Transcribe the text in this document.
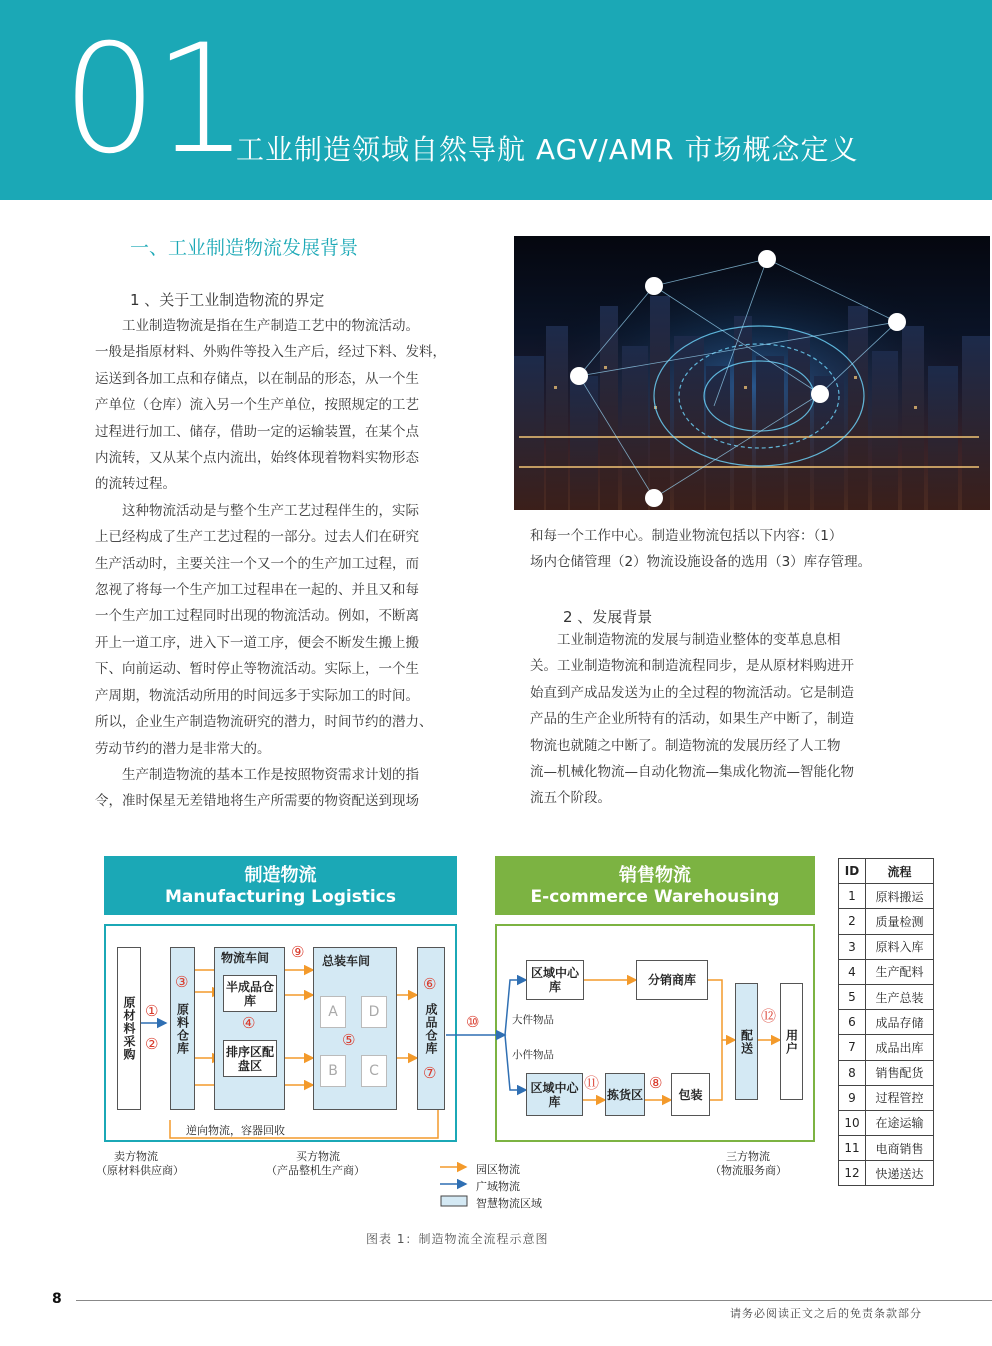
01
工业制造领域自然导航 AGV/AMR 市场概念定义
一、工业制造物流发展背景
1 、关于工业制造物流的界定

　　工业制造物流是指在生产制造工艺中的物流活动。

一般是指原材料、外购件等投入生产后，经过下料、发料，

运送到各加工点和存储点，以在制品的形态，从一个生

产单位（仓库）流入另一个生产单位，按照规定的工艺

过程进行加工、储存，借助一定的运输装置，在某个点

内流转，又从某个点内流出，始终体现着物料实物形态

的流转过程。

　　这种物流活动是与整个生产工艺过程伴生的，实际

上已经构成了生产工艺过程的一部分。过去人们在研究

生产活动时，主要关注一个又一个的生产加工过程，而

忽视了将每一个生产加工过程串在一起的、并且又和每

一个生产加工过程同时出现的物流活动。例如，不断离

开上一道工序，进入下一道工序，便会不断发生搬上搬

下、向前运动、暂时停止等物流活动。实际上，一个生

产周期，物流活动所用的时间远多于实际加工的时间。

所以，企业生产制造物流研究的潜力，时间节约的潜力、

劳动节约的潜力是非常大的。

　　生产制造物流的基本工作是按照物资需求计划的指

令，准时保星无差错地将生产所需要的物资配送到现场

和每一个工作中心。制造业物流包括以下内容：（1）

场内仓储管理（2）物流设施设备的选用（3）库存管理。

2 、发展背景

　　工业制造物流的发展与制造业整体的变革息息相

关。工业制造物流和制造流程同步，是从原材料购进开

始直到产成品发送为止的全过程的物流活动。它是制造

产品的生产企业所特有的活动，如果生产中断了，制造

物流也就随之中断了。制造物流的发展历经了人工物

流—机械化物流—自动化物流—集成化物流—智能化物

流五个阶段。

制造物流
Manufacturing Logistics
销售物流
E-commerce Warehousing
原材料采购	原料仓库
物流车间
半成品仓库
排序区配盘区
总装车间
A	D
B	C
成品仓库
区域中心库	分销商库
区域中心库	拣货区	包装
配送	用户
大件物品
小件物品
逆向物流，容器回收
①
②
③
④
⑤
⑥
⑦
⑧
⑨
⑩
⑪
⑫
卖方物流
（原材料供应商）
买方物流
（产品整机生产商）
三方物流
（物流服务商）
园区物流
广域物流
智慧物流区域
ID	流程
1	原料搬运
2	质量检测
3	原料入库
4	生产配料
5	生产总装
6	成品存储
7	成品出库
8	销售配货
9	过程管控
10	在途运输
11	电商销售
12	快递送达
图表 1：制造物流全流程示意图
8
请务必阅读正文之后的免责条款部分
